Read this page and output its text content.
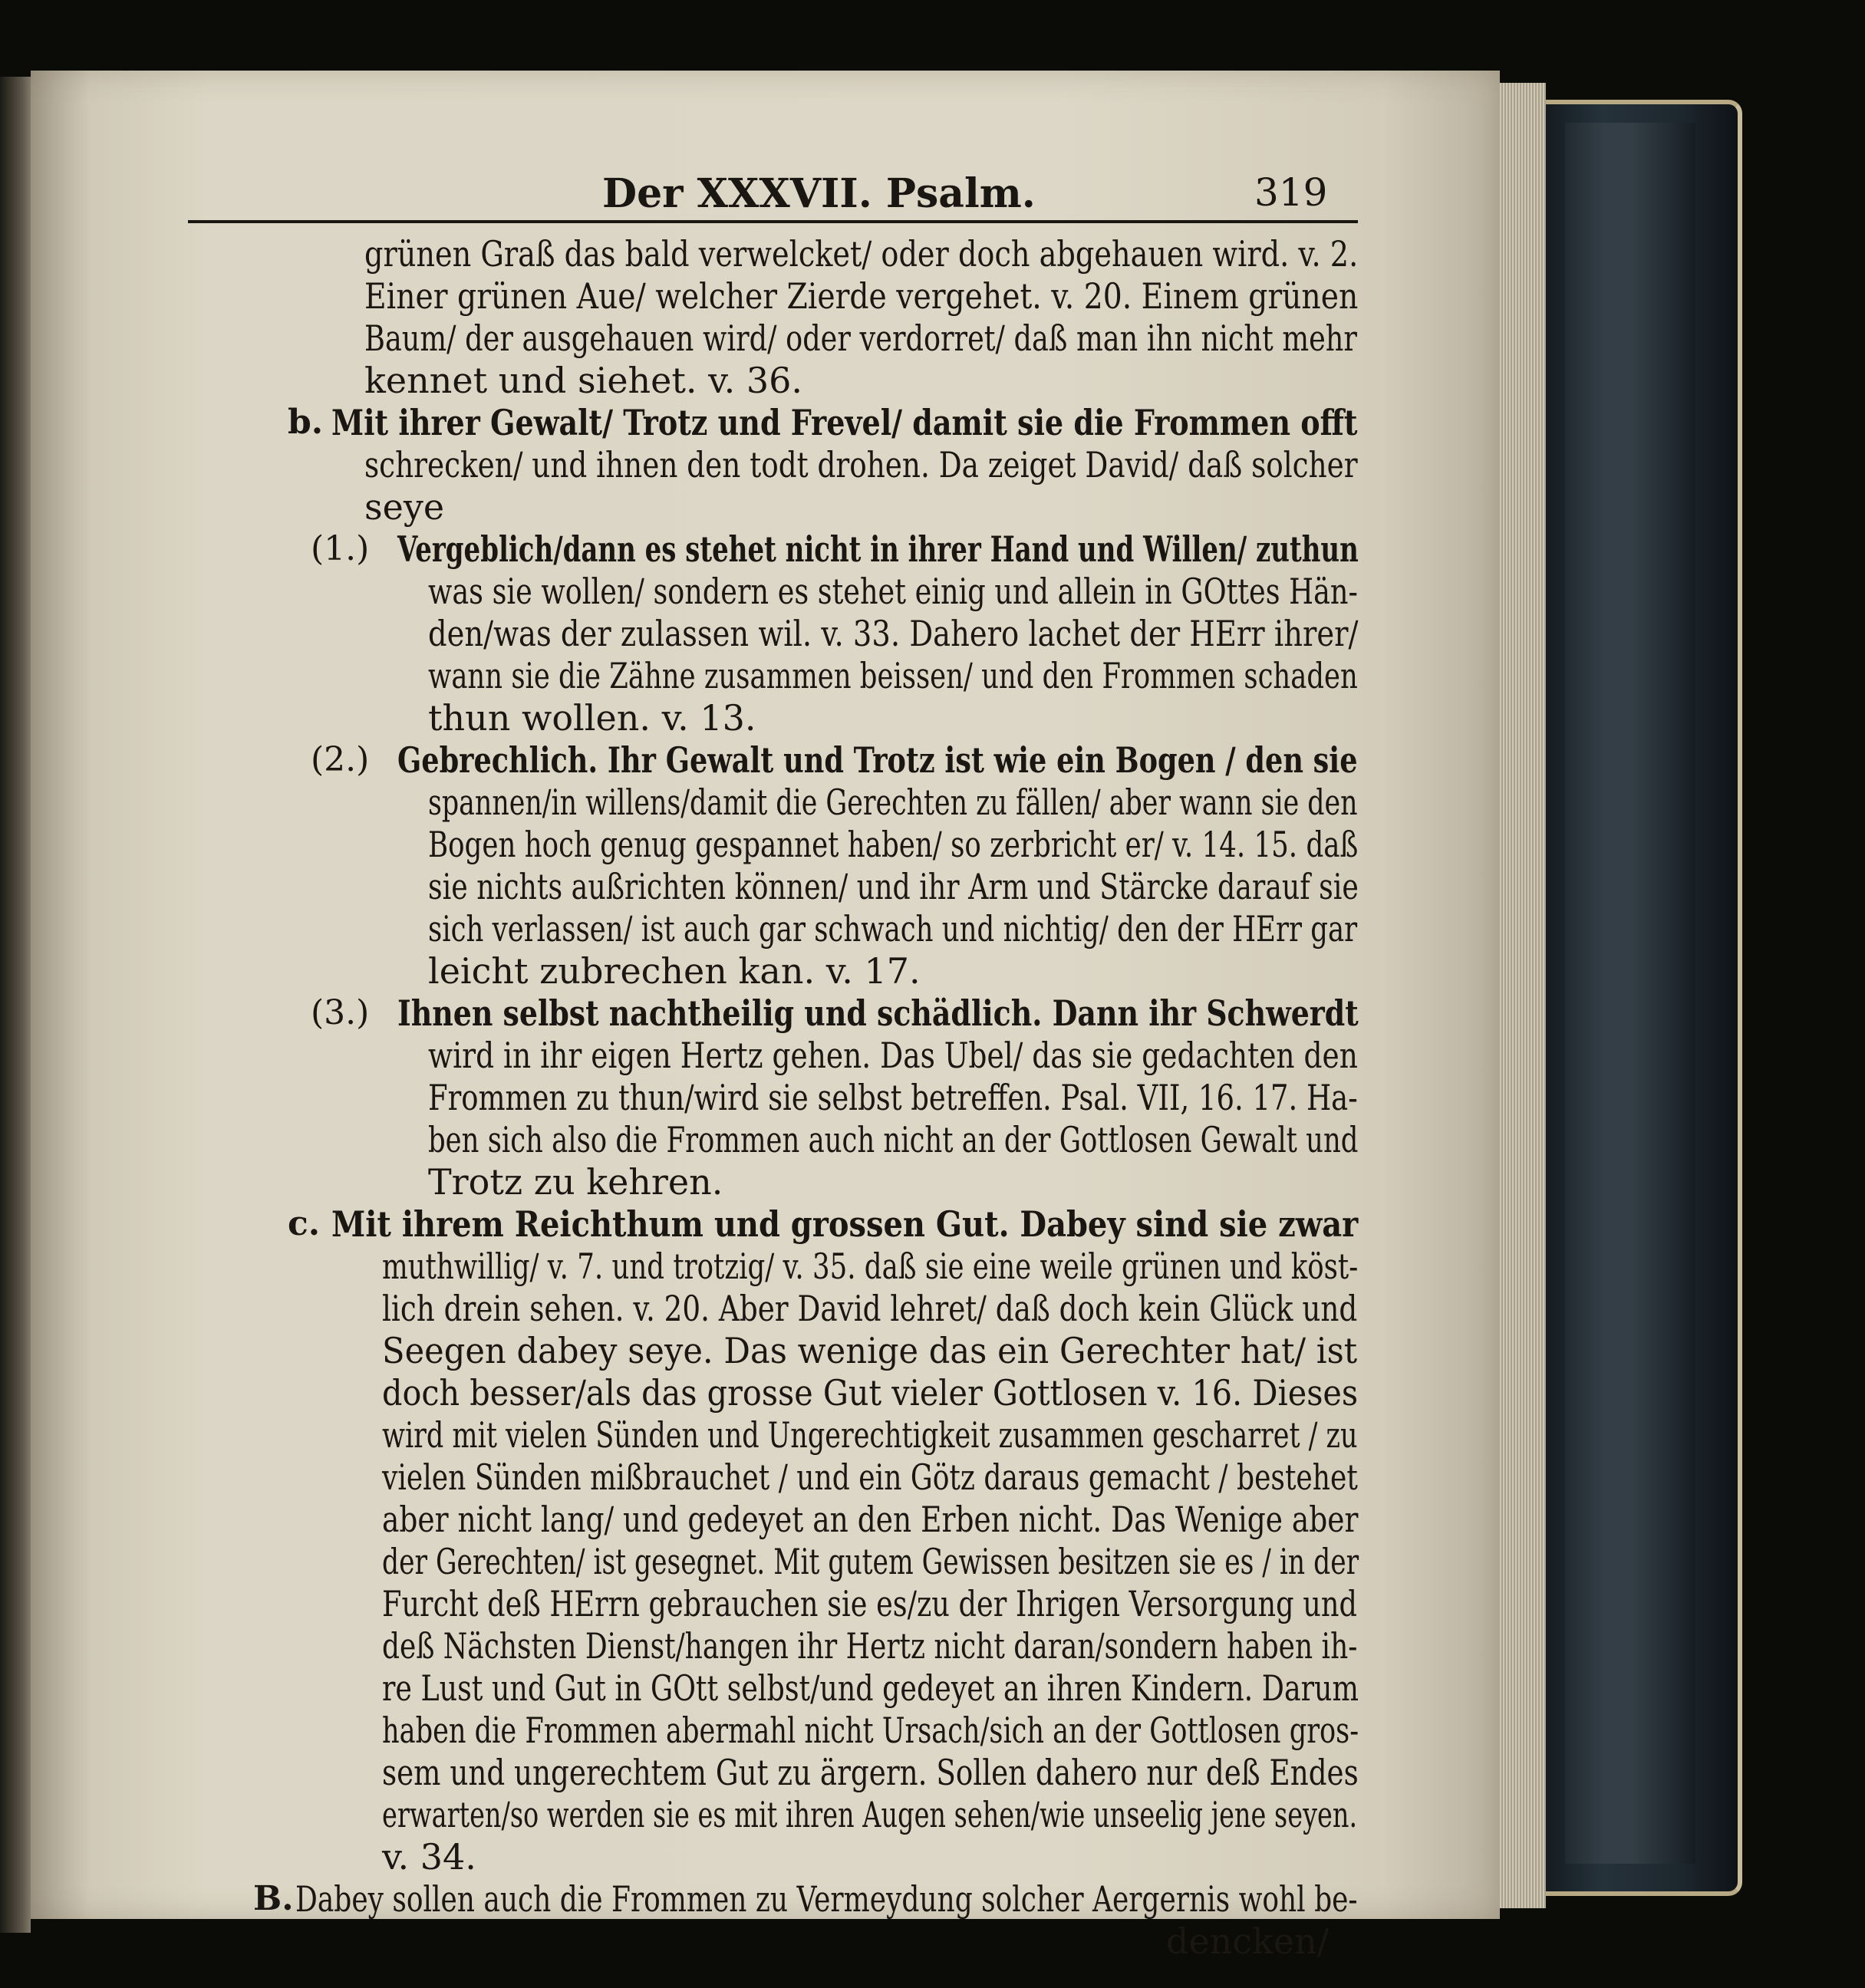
Der XXXVII. Psalm.	319
grünen Graß das bald verwelcket/ oder doch abgehauen wird. v. 2.
Einer grünen Aue/ welcher Zierde vergehet. v. 20. Einem grünen
Baum/ der ausgehauen wird/ oder verdorret/ daß man ihn nicht mehr
kennet und siehet. v. 36.
b. Mit ihrer Gewalt/ Trotz und Frevel/ damit sie die Frommen offt
schrecken/ und ihnen den todt drohen. Da zeiget David/ daß solcher
seye
(1.) Vergeblich/dann es stehet nicht in ihrer Hand und Willen/ zuthun
was sie wollen/ sondern es stehet einig und allein in GOttes Hän-
den/was der zulassen wil. v. 33. Dahero lachet der HErr ihrer/
wann sie die Zähne zusammen beissen/ und den Frommen schaden
thun wollen. v. 13.
(2.) Gebrechlich. Ihr Gewalt und Trotz ist wie ein Bogen / den sie
spannen/in willens/damit die Gerechten zu fällen/ aber wann sie den
Bogen hoch genug gespannet haben/ so zerbricht er/ v. 14. 15. daß
sie nichts außrichten können/ und ihr Arm und Stärcke darauf sie
sich verlassen/ ist auch gar schwach und nichtig/ den der HErr gar
leicht zubrechen kan. v. 17.
(3.) Ihnen selbst nachtheilig und schädlich. Dann ihr Schwerdt
wird in ihr eigen Hertz gehen. Das Ubel/ das sie gedachten den
Frommen zu thun/wird sie selbst betreffen. Psal. VII, 16. 17. Ha-
ben sich also die Frommen auch nicht an der Gottlosen Gewalt und
Trotz zu kehren.
c. Mit ihrem Reichthum und grossen Gut. Dabey sind sie zwar
muthwillig/ v. 7. und trotzig/ v. 35. daß sie eine weile grünen und köst-
lich drein sehen. v. 20. Aber David lehret/ daß doch kein Glück und
Seegen dabey seye. Das wenige das ein Gerechter hat/ ist
doch besser/als das grosse Gut vieler Gottlosen v. 16. Dieses
wird mit vielen Sünden und Ungerechtigkeit zusammen gescharret / zu
vielen Sünden mißbrauchet / und ein Götz daraus gemacht / bestehet
aber nicht lang/ und gedeyet an den Erben nicht. Das Wenige aber
der Gerechten/ ist gesegnet. Mit gutem Gewissen besitzen sie es / in der
Furcht deß HErrn gebrauchen sie es/zu der Ihrigen Versorgung und
deß Nächsten Dienst/hangen ihr Hertz nicht daran/sondern haben ih-
re Lust und Gut in GOtt selbst/und gedeyet an ihren Kindern. Darum
haben die Frommen abermahl nicht Ursach/sich an der Gottlosen gros-
sem und ungerechtem Gut zu ärgern. Sollen dahero nur deß Endes
erwarten/so werden sie es mit ihren Augen sehen/wie unseelig jene seyen.
v. 34.
B. Dabey sollen auch die Frommen zu Vermeydung solcher Aergernis wohl be-
dencken/
